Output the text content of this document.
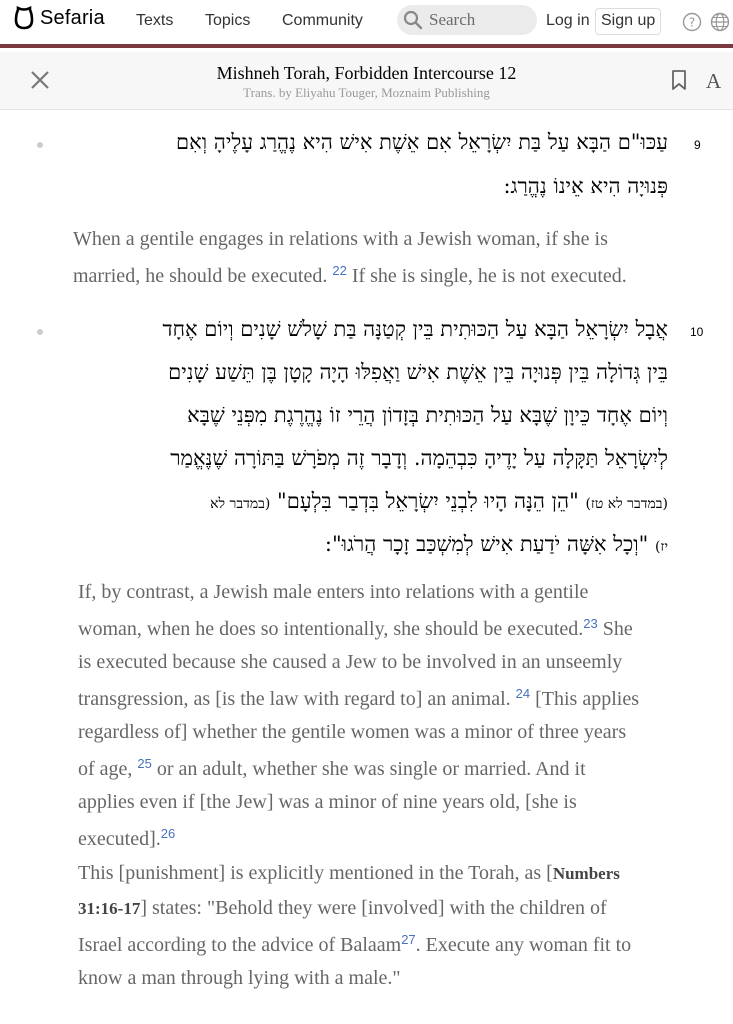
Sefaria Texts Topics Community
Search	Log in Sign up	?
Mishneh Torah, Forbidden Intercourse 12
Trans. by Eliyahu Touger, Moznaim Publishing	A
9
עַכּוּ"ם הַבָּא עַל בַּת יִשְׂרָאֵל אִם אֵשֶׁת אִישׁ הִיא נֶהֱרַג עָלֶיהָ וְאִם
פְּנוּיָה הִיא אֵינוֹ נֶהֱרַג:
When a gentile engages in relations with a Jewish woman, if she is
married, he should be executed. $^{22}$ If she is single, he is not executed.
10
אֲבָל יִשְׂרָאֵל הַבָּא עַל הַכּוּתִית בֵּין קְטַנָּה בַּת שָׁלֹשׁ שָׁנִים וְיוֹם אֶחָד
בֵּין גְּדוֹלָה בֵּין פְּנוּיָה בֵּין אֵשֶׁת אִישׁ וַאֲפִלּוּ הָיָה קָטָן בֶּן תֵּשַׁע שָׁנִים
וְיוֹם אֶחָד כֵּיוָן שֶׁבָּא עַל הַכּוּתִית בְּזָדוֹן הֲרֵי זוֹ נֶהֱרֶגֶת מִפְּנֵי שֶׁבָּא
לְיִשְׂרָאֵל תַּקָּלָה עַל יָדֶיהָ כִּבְהֵמָה. וְדָבָר זֶה מְפֹרָשׁ בַּתּוֹרָה שֶׁנֶּאֱמַר
(במדבר לא טז) "הֵן הֵנָּה הָיוּ לִבְנֵי יִשְׂרָאֵל בִּדְבַר בִּלְעָם" (במדבר לא
יז) "וְכָל אִשָּׁה יֹדַעַת אִישׁ לְמִשְׁכַּב זָכָר הֲרֹגוּ":
If, by contrast, a Jewish male enters into relations with a gentile
woman, when he does so intentionally, she should be executed.$^{23}$ She
is executed because she caused a Jew to be involved in an unseemly
transgression, as [is the law with regard to] an animal. $^{24}$ [This applies
regardless of] whether the gentile women was a minor of three years
of age, $^{25}$ or an adult, whether she was single or married. And it
applies even if [the Jew] was a minor of nine years old, [she is
executed].$^{26}$
This [punishment] is explicitly mentioned in the Torah, as [Numbers
31:16-17] states: "Behold they were [involved] with the children of
Israel according to the advice of Balaam$^{27}$.‏ Execute any woman fit to
know a man through lying with a male."
